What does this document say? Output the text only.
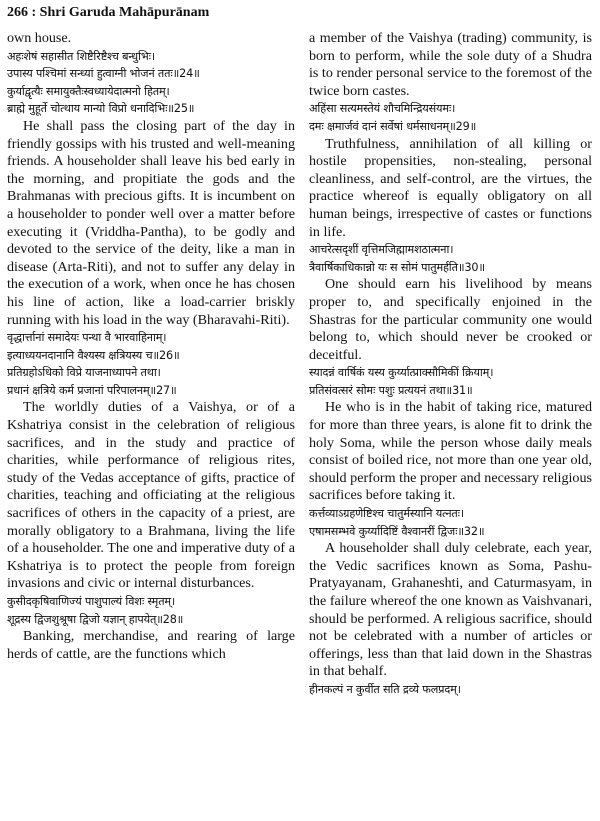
266 : Shri Garuda Mahāpurānam

own house.

अहःशेषं सहासीत शिष्टैरिष्टैश्च बन्धुभिः।

उपास्य पश्चिमां सन्ध्यां हुत्वाग्नी भोजनं ततः॥24॥

कुर्याद्वृत्यैः समायुक्तैःस्वध्यायेदात्मनो हितम्।

ब्राह्मे मुहूर्ते चोत्थाय मान्यो विप्रो धनादिभिः॥25॥

He shall pass the closing part of the day in friendly gossips with his trusted and well-meaning friends. A householder shall leave his bed early in the morning, and propitiate the gods and the Brahmanas with precious gifts. It is incumbent on a householder to ponder well over a matter before executing it (Vriddha-Pantha), to be godly and devoted to the service of the deity, like a man in disease (Arta-Riti), and not to suffer any delay in the execution of a work, when once he has chosen his line of action, like a load-carrier briskly running with his load in the way (Bharavahi-Riti).

वृद्धार्त्तानां समादेयः पन्था वै भारवाहिनाम्।

इत्याध्ययनदानानि वैश्यस्य क्षत्रियस्य च॥26॥

प्रतिग्रहोऽधिको विप्रे याजनाध्यापने तथा।

प्रधानं क्षत्रिये कर्म प्रजानां परिपालनम्॥27॥

The worldly duties of a Vaishya, or of a Kshatriya consist in the celebration of religious sacrifices, and in the study and practice of charities, while performance of religious rites, study of the Vedas acceptance of gifts, practice of charities, teaching and officiating at the religious sacrifices of others in the capacity of a priest, are morally obligatory to a Brahmana, living the life of a householder. The one and imperative duty of a Kshatriya is to protect the people from foreign invasions and civic or internal disturbances.

कुसीदकृषिवाणिज्यं पाशुपाल्यं विशः स्मृतम्।

शूद्रस्य द्विजशुश्रूषा द्विजो यज्ञान् हापयेत्॥28॥

Banking, merchandise, and rearing of large herds of cattle, are the functions which

a member of the Vaishya (trading) community, is born to perform, while the sole duty of a Shudra is to render personal service to the foremost of the twice born castes.

अहिंसा सत्यमस्तेयं शौचमिन्द्रियसंयमः।

दमः क्षमार्जवं दानं सर्वेषां धर्मसाधनम्॥29॥

Truthfulness, annihilation of all killing or hostile propensities, non-stealing, personal cleanliness, and self-control, are the virtues, the practice whereof is equally obligatory on all human beings, irrespective of castes or functions in life.

आचरेत्सदृशीं वृत्तिमजिह्मामशठात्मना।

त्रैवार्षिकाधिकान्नो यः स सोमं पातुमर्हति॥30॥

One should earn his livelihood by means proper to, and specifically enjoined in the Shastras for the particular community one would belong to, which should never be crooked or deceitful.

स्यादन्नं वार्षिकं यस्य कुर्य्यात्प्राक्सौमिकीं क्रियाम्।

प्रतिसंवत्सरं सोमः पशुः प्रत्ययनं तथा॥31॥

He who is in the habit of taking rice, matured for more than three years, is alone fit to drink the holy Soma, while the person whose daily meals consist of boiled rice, not more than one year old, should perform the proper and necessary religious sacrifices before taking it.

कर्त्तव्याऽग्रहणेष्टिश्च चातुर्मस्यानि यत्नतः।

एषामसम्भवे कुर्य्यादिष्टिं वैश्वानरीं द्विजः॥32॥

A householder shall duly celebrate, each year, the Vedic sacrifices known as Soma, Pashu-Pratyayanam, Grahaneshti, and Caturmasyam, in the failure whereof the one known as Vaishvanari, should be performed. A religious sacrifice, should not be celebrated with a number of articles or offerings, less than that laid down in the Shastras in that behalf.

हीनकल्पं न कुर्वीत सति द्रव्ये फलप्रदम्।
